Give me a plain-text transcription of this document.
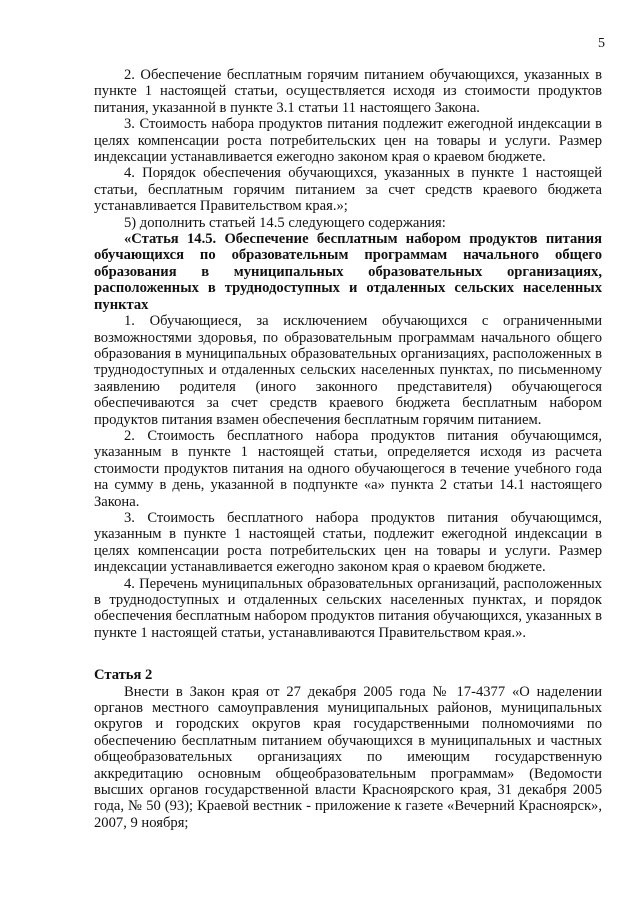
5

2. Обеспечение бесплатным горячим питанием обучающихся, указанных в пункте 1 настоящей статьи, осуществляется исходя из стоимости продуктов питания, указанной в пункте 3.1 статьи 11 настоящего Закона.

3. Стоимость набора продуктов питания подлежит ежегодной индексации в целях компенсации роста потребительских цен на товары и услуги. Размер индексации устанавливается ежегодно законом края о краевом бюджете.

4. Порядок обеспечения обучающихся, указанных в пункте 1 настоящей статьи, бесплатным горячим питанием за счет средств краевого бюджета устанавливается Правительством края.»;

5) дополнить статьей 14.5 следующего содержания:

«Статья 14.5. Обеспечение бесплатным набором продуктов питания обучающихся по образовательным программам начального общего образования в муниципальных образовательных организациях, расположенных в труднодоступных и отдаленных сельских населенных пунктах

1. Обучающиеся, за исключением обучающихся с ограниченными возможностями здоровья, по образовательным программам начального общего образования в муниципальных образовательных организациях, расположенных в труднодоступных и отдаленных сельских населенных пунктах, по письменному заявлению родителя (иного законного представителя) обучающегося обеспечиваются за счет средств краевого бюджета бесплатным набором продуктов питания взамен обеспечения бесплатным горячим питанием.

2. Стоимость бесплатного набора продуктов питания обучающимся, указанным в пункте 1 настоящей статьи, определяется исходя из расчета стоимости продуктов питания на одного обучающегося в течение учебного года на сумму в день, указанной в подпункте «а» пункта 2 статьи 14.1 настоящего Закона.

3. Стоимость бесплатного набора продуктов питания обучающимся, указанным в пункте 1 настоящей статьи, подлежит ежегодной индексации в целях компенсации роста потребительских цен на товары и услуги. Размер индексации устанавливается ежегодно законом края о краевом бюджете.

4. Перечень муниципальных образовательных организаций, расположенных в труднодоступных и отдаленных сельских населенных пунктах, и порядок обеспечения бесплатным набором продуктов питания обучающихся, указанных в пункте 1 настоящей статьи, устанавливаются Правительством края.».

Статья 2

Внести в Закон края от 27 декабря 2005 года № 17-4377 «О наделении органов местного самоуправления муниципальных районов, муниципальных округов и городских округов края государственными полномочиями по обеспечению бесплатным питанием обучающихся в муниципальных и частных общеобразовательных организациях по имеющим государственную аккредитацию основным общеобразовательным программам» (Ведомости высших органов государственной власти Красноярского края, 31 декабря 2005 года, № 50 (93); Краевой вестник - приложение к газете «Вечерний Красноярск», 2007, 9 ноября;
